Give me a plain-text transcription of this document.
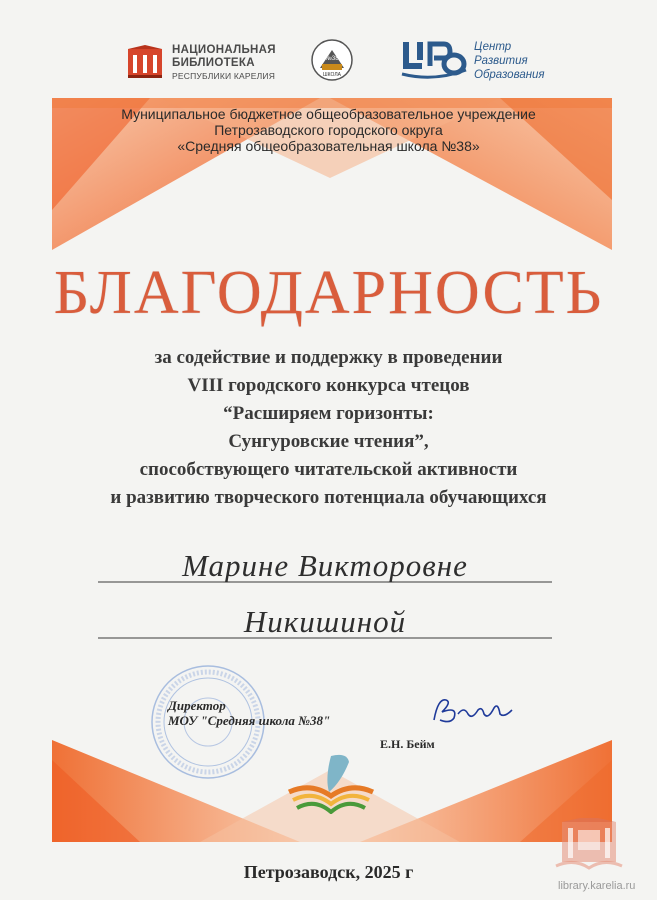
НАЦИОНАЛЬНАЯ
БИБЛИОТЕКА
РЕСПУБЛИКИ КАРЕЛИЯ	ШКОЛА
№38
Центр
Развития
Образования
Муниципальное бюджетное общеобразовательное учреждение
Петрозаводского городского округа
«Средняя общеобразовательная школа №38»
БЛАГОДАРНОСТЬ
за содействие и поддержку в проведении
VIII городского конкурса чтецов
“Расширяем горизонты:
Сунгуровские чтения”,
способствующего читательской активности
и развитию творческого потенциала обучающихся
Марине Викторовне
Никишиной
Директор
МОУ "Средняя школа №38"
Е.Н. Бейм
Петрозаводск, 2025 г
library.karelia.ru
